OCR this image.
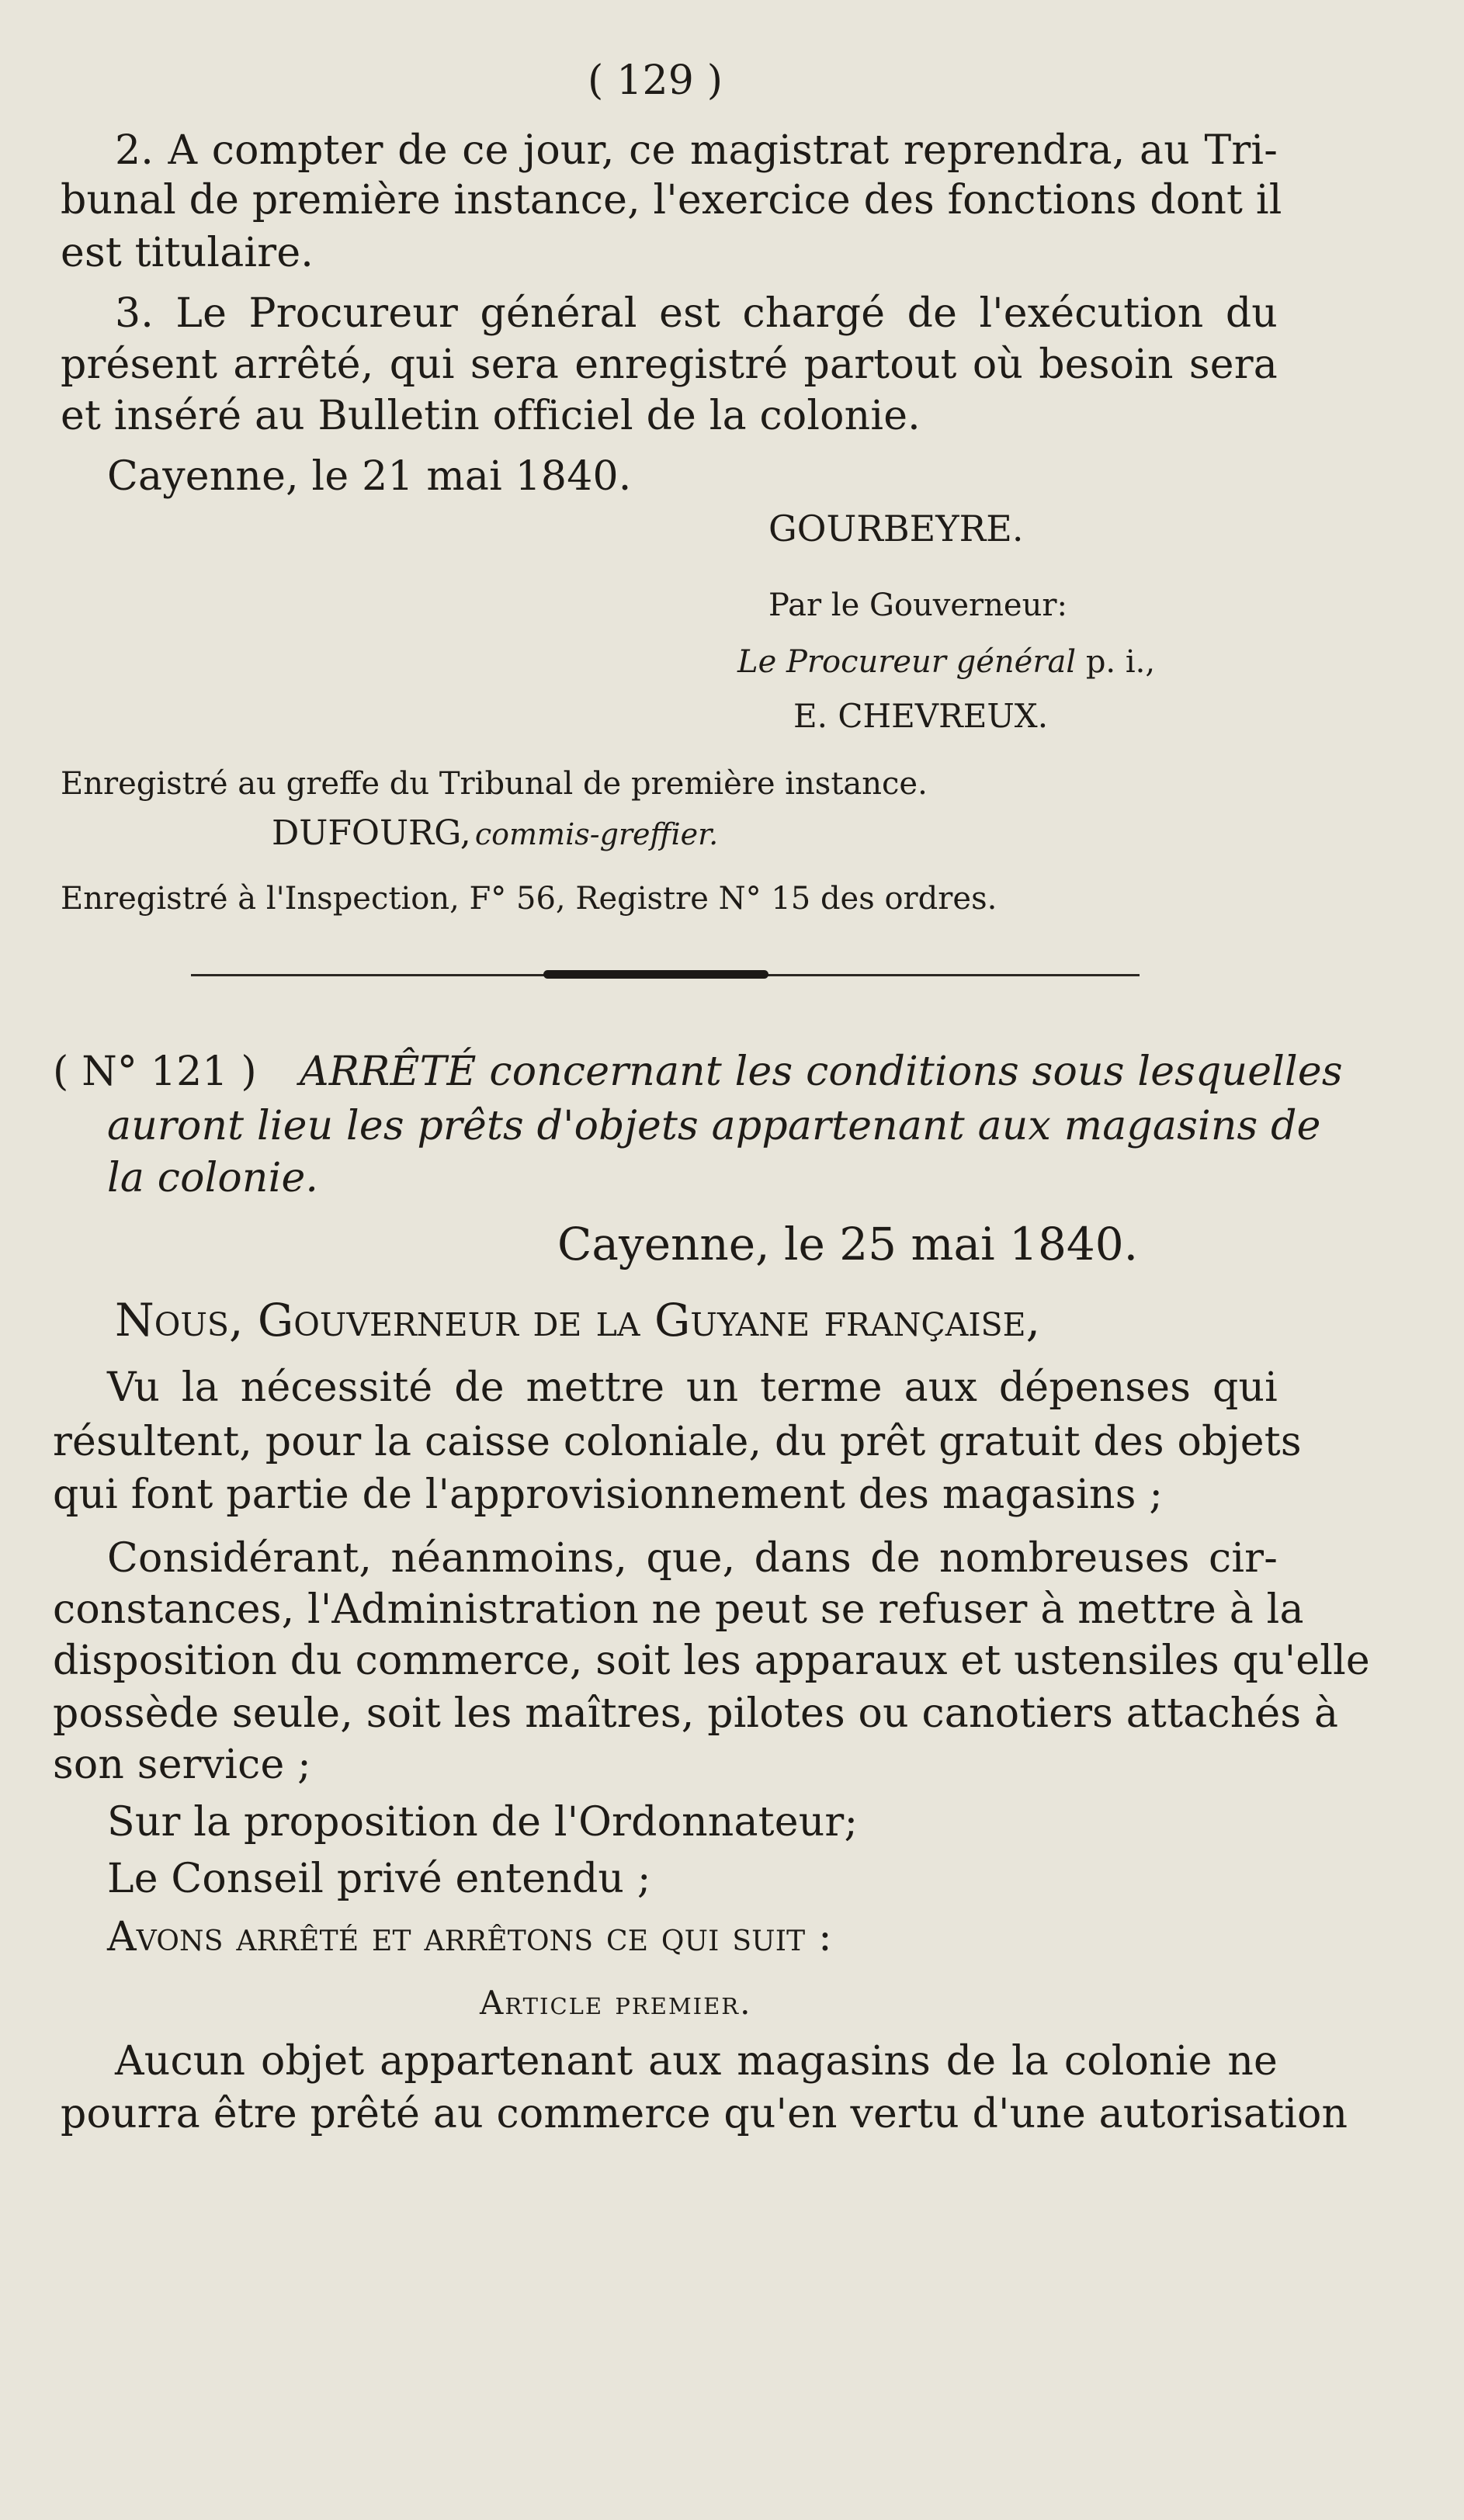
( 129 )
2. A compter de ce jour, ce magistrat reprendra, au Tri-
bunal de première instance, l'exercice des fonctions dont il
est titulaire.
3. Le Procureur général est chargé de l'exécution du
présent arrêté, qui sera enregistré partout où besoin sera
et inséré au Bulletin officiel de la colonie.
Cayenne, le 21 mai 1840.
GOURBEYRE.
Par le Gouverneur:
Le Procureur général p. i.,
E. CHEVREUX.
Enregistré au greffe du Tribunal de première instance.
DUFOURG, commis-greffier.
Enregistré à l'Inspection, F° 56, Registre N° 15 des ordres.
( N° 121 ) ARRÊTÉ concernant les conditions sous lesquelles
auront lieu les prêts d'objets appartenant aux magasins de
la colonie.
Cayenne, le 25 mai 1840.
Nous, Gouverneur de la Guyane française,
Vu la nécessité de mettre un terme aux dépenses qui
résultent, pour la caisse coloniale, du prêt gratuit des objets
qui font partie de l'approvisionnement des magasins ;
Considérant, néanmoins, que, dans de nombreuses cir-
constances, l'Administration ne peut se refuser à mettre à la
disposition du commerce, soit les apparaux et ustensiles qu'elle
possède seule, soit les maîtres, pilotes ou canotiers attachés à
son service ;
Sur la proposition de l'Ordonnateur;
Le Conseil privé entendu ;
Avons arrêté et arrêtons ce qui suit :
Article premier.
Aucun objet appartenant aux magasins de la colonie ne
pourra être prêté au commerce qu'en vertu d'une autorisation
